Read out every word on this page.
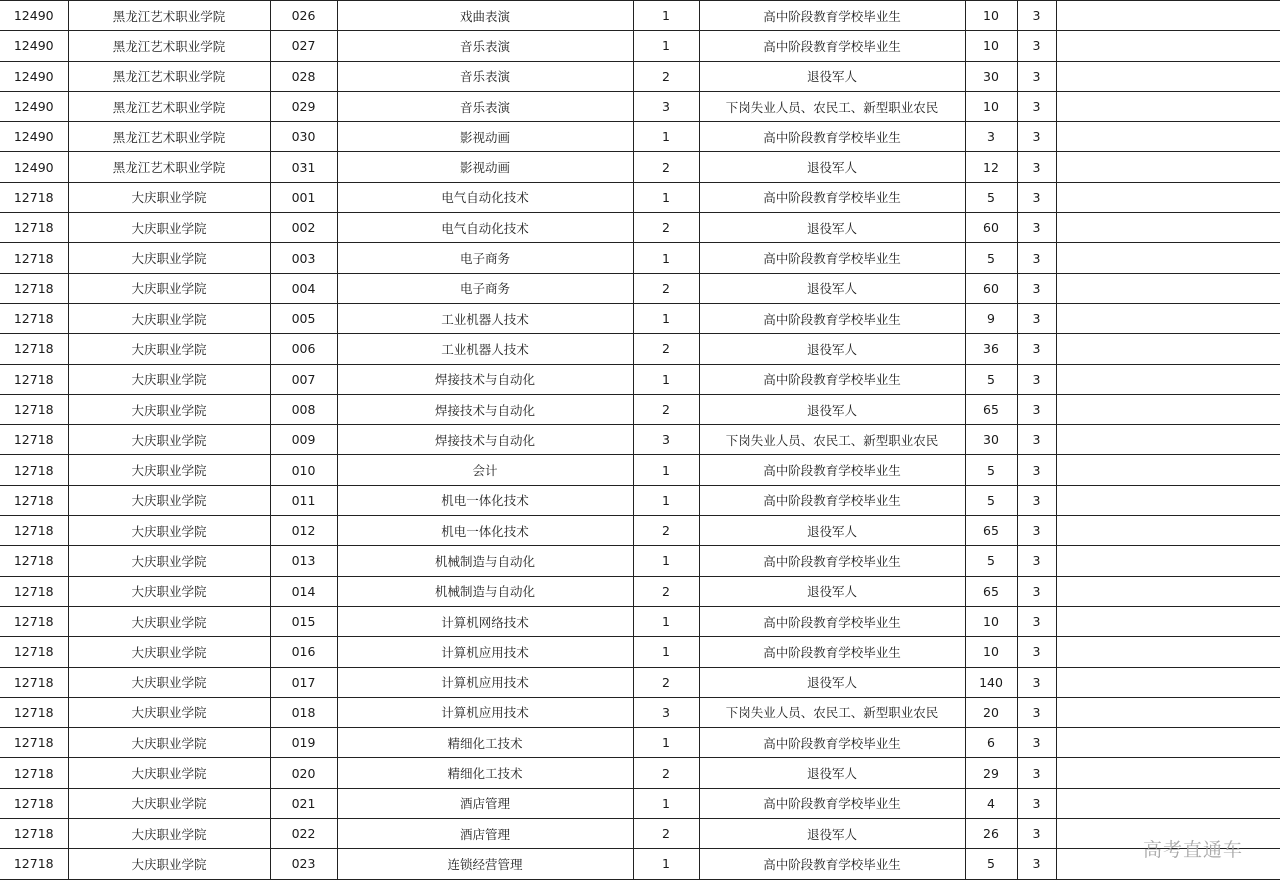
12490	黑龙江艺术职业学院	026	戏曲表演	1	高中阶段教育学校毕业生	10	3	
12490	黑龙江艺术职业学院	027	音乐表演	1	高中阶段教育学校毕业生	10	3	
12490	黑龙江艺术职业学院	028	音乐表演	2	退役军人	30	3	
12490	黑龙江艺术职业学院	029	音乐表演	3	下岗失业人员、农民工、新型职业农民	10	3	
12490	黑龙江艺术职业学院	030	影视动画	1	高中阶段教育学校毕业生	3	3	
12490	黑龙江艺术职业学院	031	影视动画	2	退役军人	12	3	
12718	大庆职业学院	001	电气自动化技术	1	高中阶段教育学校毕业生	5	3	
12718	大庆职业学院	002	电气自动化技术	2	退役军人	60	3	
12718	大庆职业学院	003	电子商务	1	高中阶段教育学校毕业生	5	3	
12718	大庆职业学院	004	电子商务	2	退役军人	60	3	
12718	大庆职业学院	005	工业机器人技术	1	高中阶段教育学校毕业生	9	3	
12718	大庆职业学院	006	工业机器人技术	2	退役军人	36	3	
12718	大庆职业学院	007	焊接技术与自动化	1	高中阶段教育学校毕业生	5	3	
12718	大庆职业学院	008	焊接技术与自动化	2	退役军人	65	3	
12718	大庆职业学院	009	焊接技术与自动化	3	下岗失业人员、农民工、新型职业农民	30	3	
12718	大庆职业学院	010	会计	1	高中阶段教育学校毕业生	5	3	
12718	大庆职业学院	011	机电一体化技术	1	高中阶段教育学校毕业生	5	3	
12718	大庆职业学院	012	机电一体化技术	2	退役军人	65	3	
12718	大庆职业学院	013	机械制造与自动化	1	高中阶段教育学校毕业生	5	3	
12718	大庆职业学院	014	机械制造与自动化	2	退役军人	65	3	
12718	大庆职业学院	015	计算机网络技术	1	高中阶段教育学校毕业生	10	3	
12718	大庆职业学院	016	计算机应用技术	1	高中阶段教育学校毕业生	10	3	
12718	大庆职业学院	017	计算机应用技术	2	退役军人	140	3	
12718	大庆职业学院	018	计算机应用技术	3	下岗失业人员、农民工、新型职业农民	20	3	
12718	大庆职业学院	019	精细化工技术	1	高中阶段教育学校毕业生	6	3	
12718	大庆职业学院	020	精细化工技术	2	退役军人	29	3	
12718	大庆职业学院	021	酒店管理	1	高中阶段教育学校毕业生	4	3	
12718	大庆职业学院	022	酒店管理	2	退役军人	26	3	
12718	大庆职业学院	023	连锁经营管理	1	高中阶段教育学校毕业生	5	3	
高考直通车
